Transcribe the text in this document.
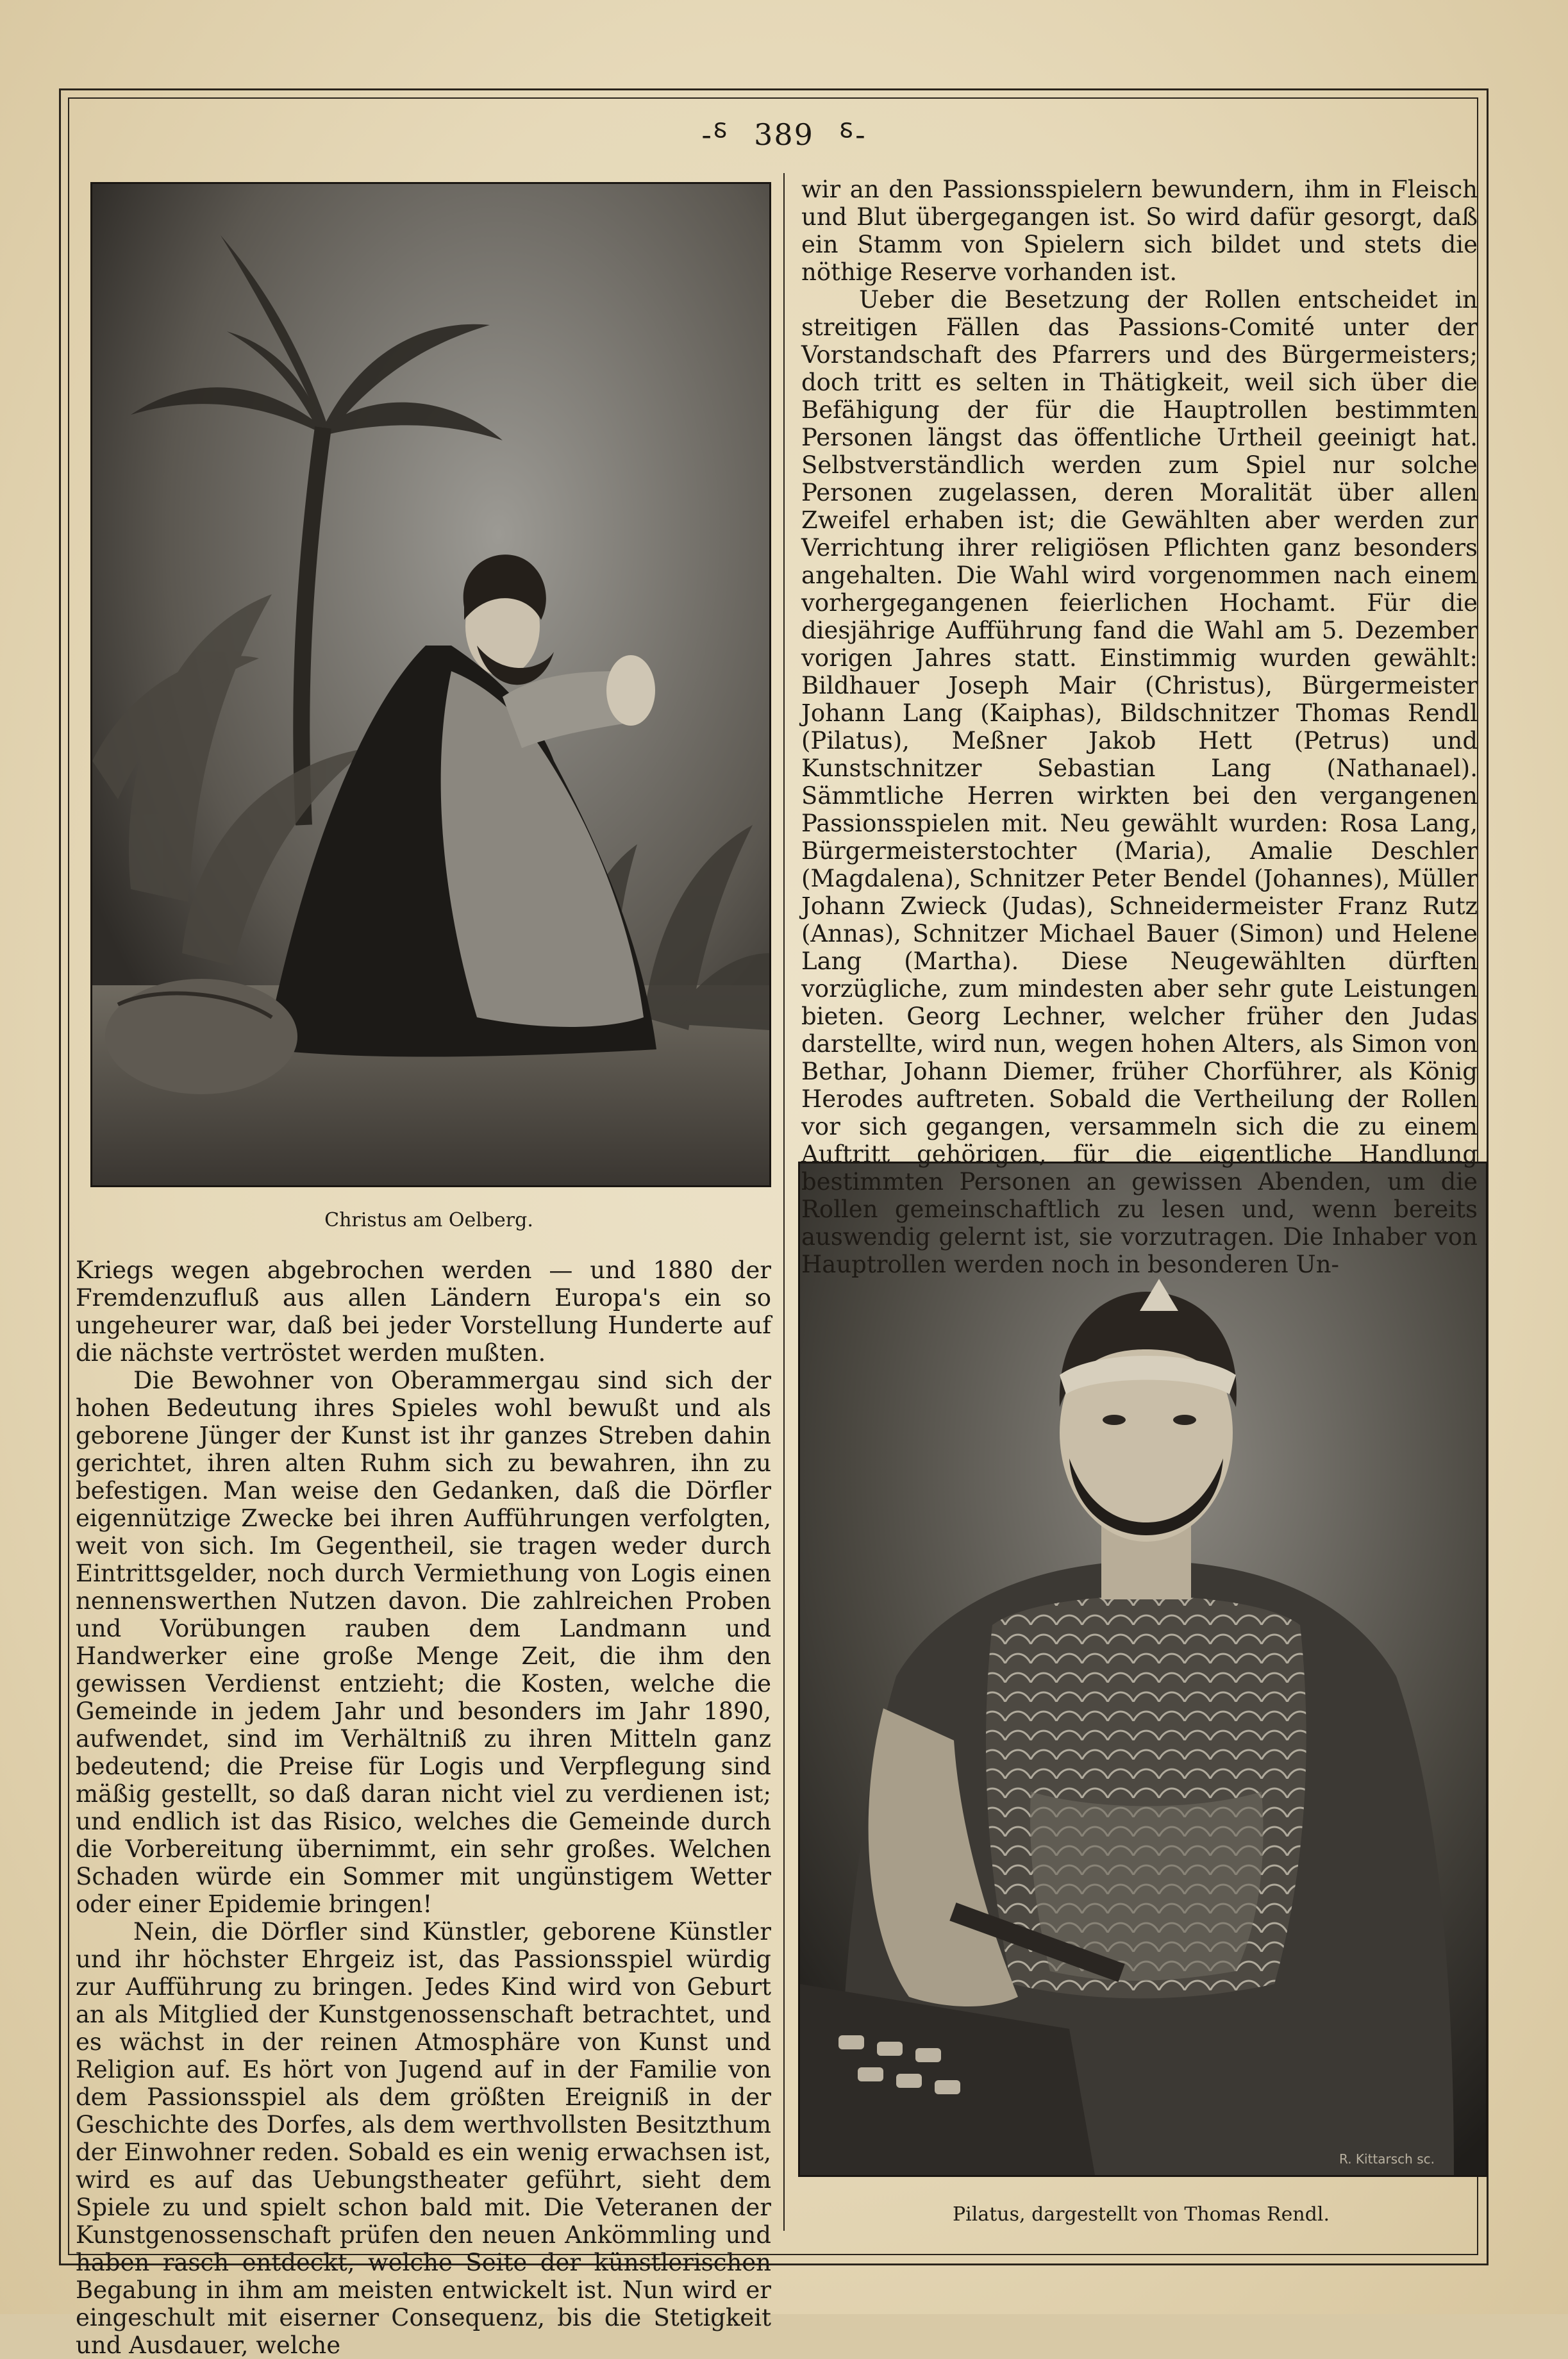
-⸹ 389 ⸹-
Christus am Oelberg.
R. Kittarsch sc.
Pilatus, dargestellt von Thomas Rendl.

Kriegs wegen abgebrochen werden — und 1880 der Fremdenzufluß aus allen Ländern Europa's ein so ungeheurer war, daß bei jeder Vorstellung Hunderte auf die nächste vertröstet werden mußten.

Die Bewohner von Oberammergau sind sich der hohen Bedeutung ihres Spieles wohl bewußt und als geborene Jünger der Kunst ist ihr ganzes Streben dahin gerichtet, ihren alten Ruhm sich zu bewahren, ihn zu befestigen. Man weise den Gedanken, daß die Dörfler eigennützige Zwecke bei ihren Aufführungen verfolgten, weit von sich. Im Gegentheil, sie tragen weder durch Eintrittsgelder, noch durch Vermiethung von Logis einen nennenswerthen Nutzen davon. Die zahlreichen Proben und Vorübungen rauben dem Landmann und Handwerker eine große Menge Zeit, die ihm den gewissen Verdienst entzieht; die Kosten, welche die Gemeinde in jedem Jahr und besonders im Jahr 1890, aufwendet, sind im Verhältniß zu ihren Mitteln ganz bedeutend; die Preise für Logis und Verpflegung sind mäßig gestellt, so daß daran nicht viel zu verdienen ist; und endlich ist das Risico, welches die Gemeinde durch die Vorbereitung übernimmt, ein sehr großes. Welchen Schaden würde ein Sommer mit ungünstigem Wetter oder einer Epidemie bringen!

Nein, die Dörfler sind Künstler, geborene Künstler und ihr höchster Ehrgeiz ist, das Passionsspiel würdig zur Aufführung zu bringen. Jedes Kind wird von Geburt an als Mitglied der Kunstgenossenschaft betrachtet, und es wächst in der reinen Atmosphäre von Kunst und Religion auf. Es hört von Jugend auf in der Familie von dem Passionsspiel als dem größten Ereigniß in der Geschichte des Dorfes, als dem werthvollsten Besitzthum der Einwohner reden. Sobald es ein wenig erwachsen ist, wird es auf das Uebungstheater geführt, sieht dem Spiele zu und spielt schon bald mit. Die Veteranen der Kunstgenossenschaft prüfen den neuen Ankömmling und haben rasch entdeckt, welche Seite der künstlerischen Begabung in ihm am meisten entwickelt ist. Nun wird er eingeschult mit eiserner Consequenz, bis die Stetigkeit und Ausdauer, welche

wir an den Passionsspielern bewundern, ihm in Fleisch und Blut übergegangen ist. So wird dafür gesorgt, daß ein Stamm von Spielern sich bildet und stets die nöthige Reserve vorhanden ist.

Ueber die Besetzung der Rollen entscheidet in streitigen Fällen das Passions-Comité unter der Vorstandschaft des Pfarrers und des Bürgermeisters; doch tritt es selten in Thätigkeit, weil sich über die Befähigung der für die Hauptrollen bestimmten Personen längst das öffentliche Urtheil geeinigt hat. Selbstverständlich werden zum Spiel nur solche Personen zugelassen, deren Moralität über allen Zweifel erhaben ist; die Gewählten aber werden zur Verrichtung ihrer religiösen Pflichten ganz besonders angehalten. Die Wahl wird vorgenommen nach einem vorhergegangenen feierlichen Hochamt. Für die diesjährige Aufführung fand die Wahl am 5. Dezember vorigen Jahres statt. Einstimmig wurden gewählt: Bildhauer Joseph Mair (Christus), Bürgermeister Johann Lang (Kaiphas), Bildschnitzer Thomas Rendl (Pilatus), Meßner Jakob Hett (Petrus) und Kunstschnitzer Sebastian Lang (Nathanael). Sämmtliche Herren wirkten bei den vergangenen Passionsspielen mit. Neu gewählt wurden: Rosa Lang, Bürgermeisterstochter (Maria), Amalie Deschler (Magdalena), Schnitzer Peter Bendel (Johannes), Müller Johann Zwieck (Judas), Schneidermeister Franz Rutz (Annas), Schnitzer Michael Bauer (Simon) und Helene Lang (Martha). Diese Neugewählten dürften vorzügliche, zum mindesten aber sehr gute Leistungen bieten. Georg Lechner, welcher früher den Judas darstellte, wird nun, wegen hohen Alters, als Simon von Bethar, Johann Diemer, früher Chorführer, als König Herodes auftreten. Sobald die Vertheilung der Rollen vor sich gegangen, versammeln sich die zu einem Auftritt gehörigen, für die eigentliche Handlung bestimmten Personen an gewissen Abenden, um die Rollen gemeinschaftlich zu lesen und, wenn bereits auswendig gelernt ist, sie vorzutragen. Die Inhaber von Hauptrollen werden noch in besonderen Un-
